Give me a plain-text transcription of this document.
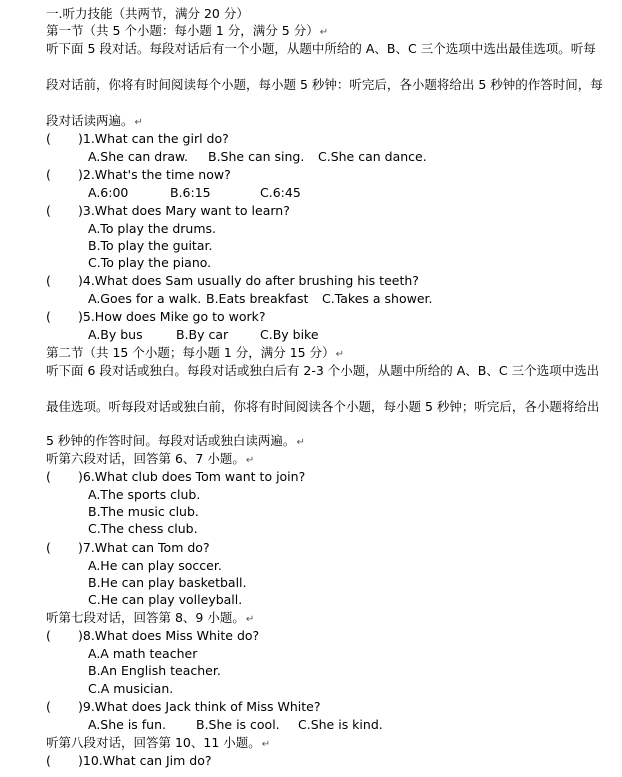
一.听力技能（共两节，满分 20 分）
第一节（共 5 个小题：每小题 1 分，满分 5 分）↵
听下面 5 段对话。每段对话后有一个小题，从题中所给的 A、B、C 三个选项中选出最佳选项。听每
段对话前，你将有时间阅读每个小题，每小题 5 秒钟：听完后，各小题将给出 5 秒钟的作答时间，每
段对话读两遍。↵
( )1.What can the girl do?
A.She can draw. B.She can sing. C.She can dance.
( )2.What's the time now?
A.6:00	B.6:15	C.6:45
( )3.What does Mary want to learn?
A.To play the drums.
B.To play the guitar.
C.To play the piano.
( )4.What does Sam usually do after brushing his teeth?
A.Goes for a walk. B.Eats breakfast C.Takes a shower.
( )5.How does Mike go to work?
A.By bus	B.By car	C.By bike
第二节（共 15 个小题；每小题 1 分，满分 15 分）↵
听下面 6 段对话或独白。每段对话或独白后有 2-3 个小题，从题中所给的 A、B、C 三个选项中选出
最佳选项。听每段对话或独白前，你将有时间阅读各个小题，每小题 5 秒钟；听完后，各小题将给出
5 秒钟的作答时间。每段对话或独白读两遍。↵
听第六段对话，回答第 6、7 小题。↵
( )6.What club does Tom want to join?
A.The sports club.
B.The music club.
C.The chess club.
( )7.What can Tom do?
A.He can play soccer.
B.He can play basketball.
C.He can play volleyball.
听第七段对话，回答第 8、9 小题。↵
( )8.What does Miss White do?
A.A math teacher
B.An English teacher.
C.A musician.
( )9.What does Jack think of Miss White?
A.She is fun. B.She is cool. C.She is kind.
听第八段对话，回答第 10、11 小题。↵
( )10.What can Jim do?
